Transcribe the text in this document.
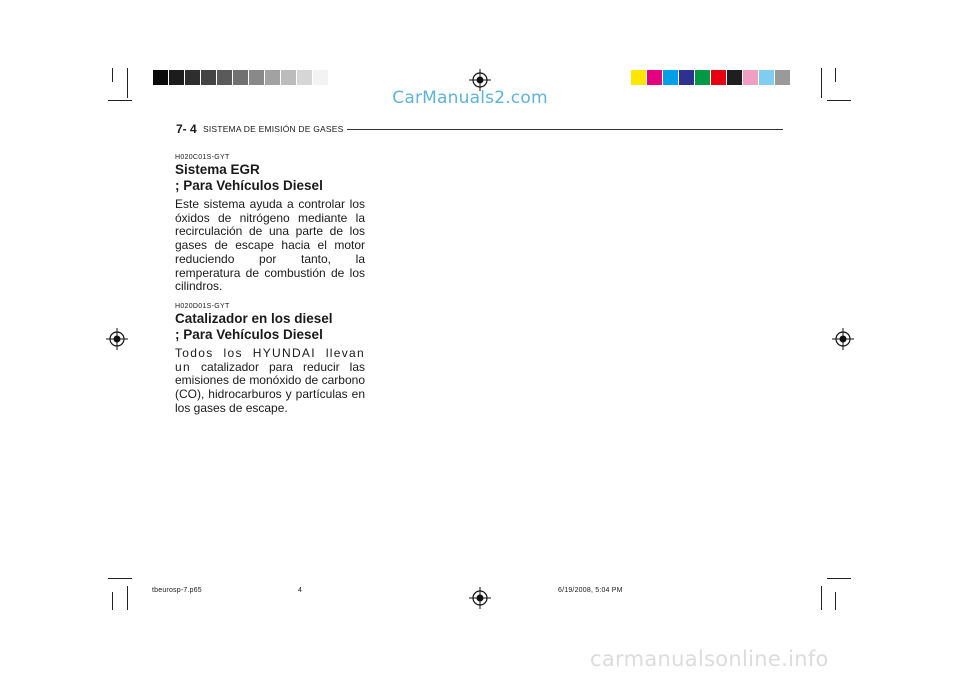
CarManuals2.com
7- 4 SISTEMA DE EMISIÓN DE GASES
H020C01S-GYT

Sistema EGR

; Para Vehículos Diesel

Este sistema ayuda a controlar los óxidos de nitrógeno mediante la recirculación de una parte de los gases de escape hacia el motor reduciendo por tanto, la remperatura de combustión de los cilindros.

H020D01S-GYT

Catalizador en los diesel

; Para Vehículos Diesel

Todos los HYUNDAI llevan un catalizador para reducir las emisiones de monóxido de carbono (CO), hidrocarburos y partículas en los gases de escape.

tbeurosp-7.p65	4	6/19/2008, 5:04 PM
carmanualsonline.info
